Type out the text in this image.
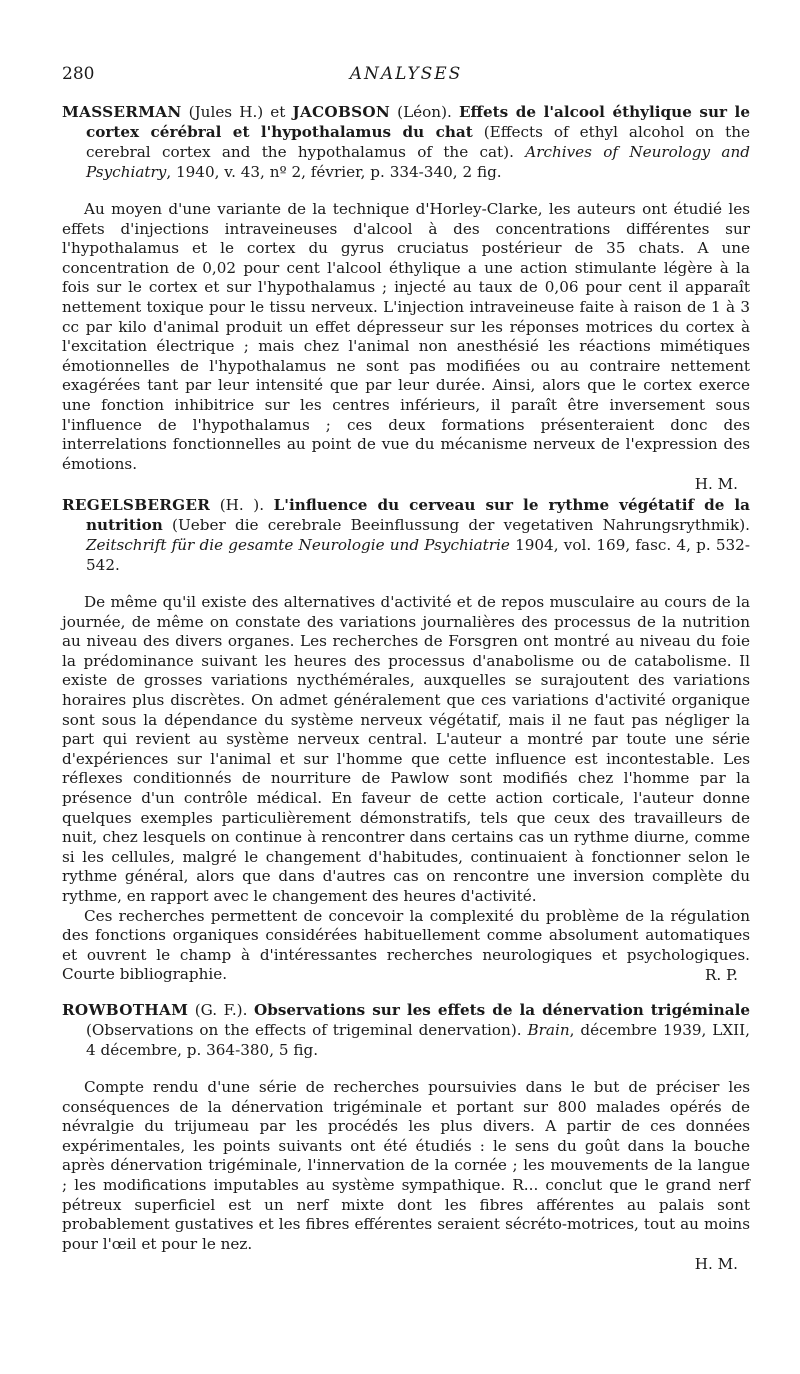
280	ANALYSES
MASSERMAN (Jules H.) et JACOBSON (Léon). Effets de l'alcool éthylique sur le cortex cérébral et l'hypothalamus du chat (Effects of ethyl alcohol on the cerebral cortex and the hypothalamus of the cat). Archives of Neurology and Psychiatry, 1940, v. 43, nº 2, février, p. 334-340, 2 fig.

Au moyen d'une variante de la technique d'Horley-Clarke, les auteurs ont étudié les effets d'injections intraveineuses d'alcool à des concentrations différentes sur l'hypothalamus et le cortex du gyrus cruciatus postérieur de 35 chats. A une concentration de 0,02 pour cent l'alcool éthylique a une action stimulante légère à la fois sur le cortex et sur l'hypothalamus ; injecté au taux de 0,06 pour cent il apparaît nettement toxique pour le tissu nerveux. L'injection intraveineuse faite à raison de 1 à 3 cc par kilo d'animal produit un effet dépresseur sur les réponses motrices du cortex à l'excitation électrique ; mais chez l'animal non anesthésié les réactions mimétiques émotionnelles de l'hypothalamus ne sont pas modifiées ou au contraire nettement exagérées tant par leur intensité que par leur durée. Ainsi, alors que le cortex exerce une fonction inhibitrice sur les centres inférieurs, il paraît être inversement sous l'influence de l'hypothalamus ; ces deux formations présenteraient donc des interrelations fonctionnelles au point de vue du mécanisme nerveux de l'expression des émotions.

H. M.
REGELSBERGER (H. ). L'influence du cerveau sur le rythme végétatif de la nutrition (Ueber die cerebrale Beeinflussung der vegetativen Nahrungsrythmik). Zeitschrift für die gesamte Neurologie und Psychiatrie 1904, vol. 169, fasc. 4, p. 532-542.

De même qu'il existe des alternatives d'activité et de repos musculaire au cours de la journée, de même on constate des variations journalières des processus de la nutrition au niveau des divers organes. Les recherches de Forsgren ont montré au niveau du foie la prédominance suivant les heures des processus d'anabolisme ou de catabolisme. Il existe de grosses variations nycthémérales, auxquelles se surajoutent des variations horaires plus discrètes. On admet généralement que ces variations d'activité organique sont sous la dépendance du système nerveux végétatif, mais il ne faut pas négliger la part qui revient au système nerveux central. L'auteur a montré par toute une série d'expériences sur l'animal et sur l'homme que cette influence est incontestable. Les réflexes conditionnés de nourriture de Pawlow sont modifiés chez l'homme par la présence d'un contrôle médical. En faveur de cette action corticale, l'auteur donne quelques exemples particulièrement démonstratifs, tels que ceux des travailleurs de nuit, chez lesquels on continue à rencontrer dans certains cas un rythme diurne, comme si les cellules, malgré le changement d'habitudes, continuaient à fonctionner selon le rythme général, alors que dans d'autres cas on rencontre une inversion complète du rythme, en rapport avec le changement des heures d'activité.

Ces recherches permettent de concevoir la complexité du problème de la régulation des fonctions organiques considérées habituellement comme absolument automatiques et ouvrent le champ à d'intéressantes recherches neurologiques et psychologiques. Courte bibliographie.	R. P.
ROWBOTHAM (G. F.). Observations sur les effets de la dénervation trigéminale (Observations on the effects of trigeminal denervation). Brain, décembre 1939, LXII, 4 décembre, p. 364-380, 5 fig.

Compte rendu d'une série de recherches poursuivies dans le but de préciser les conséquences de la dénervation trigéminale et portant sur 800 malades opérés de névralgie du trijumeau par les procédés les plus divers. A partir de ces données expérimentales, les points suivants ont été étudiés : le sens du goût dans la bouche après dénervation trigéminale, l'innervation de la cornée ; les mouvements de la langue ; les modifications imputables au système sympathique. R... conclut que le grand nerf pétreux superficiel est un nerf mixte dont les fibres afférentes au palais sont probablement gustatives et les fibres efférentes seraient sécréto-motrices, tout au moins pour l'œil et pour le nez.

H. M.
